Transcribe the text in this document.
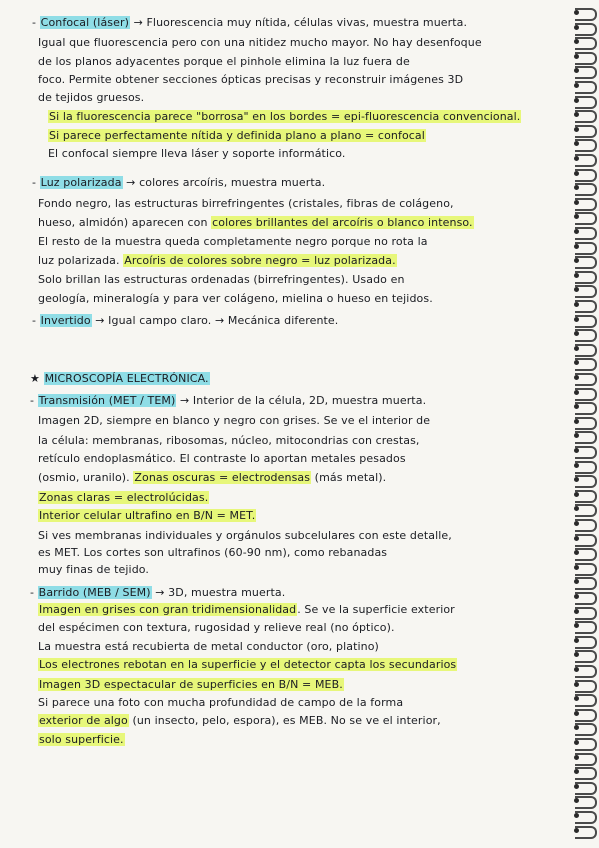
- Confocal (láser) → Fluorescencia muy nítida, células vivas, muestra muerta.
Igual que fluorescencia pero con una nitidez mucho mayor. No hay desenfoque
de los planos adyacentes porque el pinhole elimina la luz fuera de
foco. Permite obtener secciones ópticas precisas y reconstruir imágenes 3D
de tejidos gruesos.
Si la fluorescencia parece "borrosa" en los bordes = epi-fluorescencia convencional.
Si parece perfectamente nítida y definida plano a plano = confocal
El confocal siempre lleva láser y soporte informático.
- Luz polarizada → colores arcoíris, muestra muerta.
Fondo negro, las estructuras birrefringentes (cristales, fibras de colágeno,
hueso, almidón) aparecen con colores brillantes del arcoíris o blanco intenso.
El resto de la muestra queda completamente negro porque no rota la
luz polarizada. Arcoíris de colores sobre negro = luz polarizada.
Solo brillan las estructuras ordenadas (birrefringentes). Usado en
geología, mineralogía y para ver colágeno, mielina o hueso en tejidos.
- Invertido → Igual campo claro. → Mecánica diferente.
★ MICROSCOPÍA ELECTRÓNICA.
- Transmisión (MET / TEM) → Interior de la célula, 2D, muestra muerta.
Imagen 2D, siempre en blanco y negro con grises. Se ve el interior de
la célula: membranas, ribosomas, núcleo, mitocondrias con crestas,
retículo endoplasmático. El contraste lo aportan metales pesados
(osmio, uranilo). Zonas oscuras = electrodensas (más metal).
Zonas claras = electrolúcidas.
Interior celular ultrafino en B/N = MET.
Si ves membranas individuales y orgánulos subcelulares con este detalle,
es MET. Los cortes son ultrafinos (60-90 nm), como rebanadas
muy finas de tejido.
- Barrido (MEB / SEM) → 3D, muestra muerta.
Imagen en grises con gran tridimensionalidad. Se ve la superficie exterior
del espécimen con textura, rugosidad y relieve real (no óptico).
La muestra está recubierta de metal conductor (oro, platino)
Los electrones rebotan en la superficie y el detector capta los secundarios
Imagen 3D espectacular de superficies en B/N = MEB.
Si parece una foto con mucha profundidad de campo de la forma
exterior de algo (un insecto, pelo, espora), es MEB. No se ve el interior,
solo superficie.
